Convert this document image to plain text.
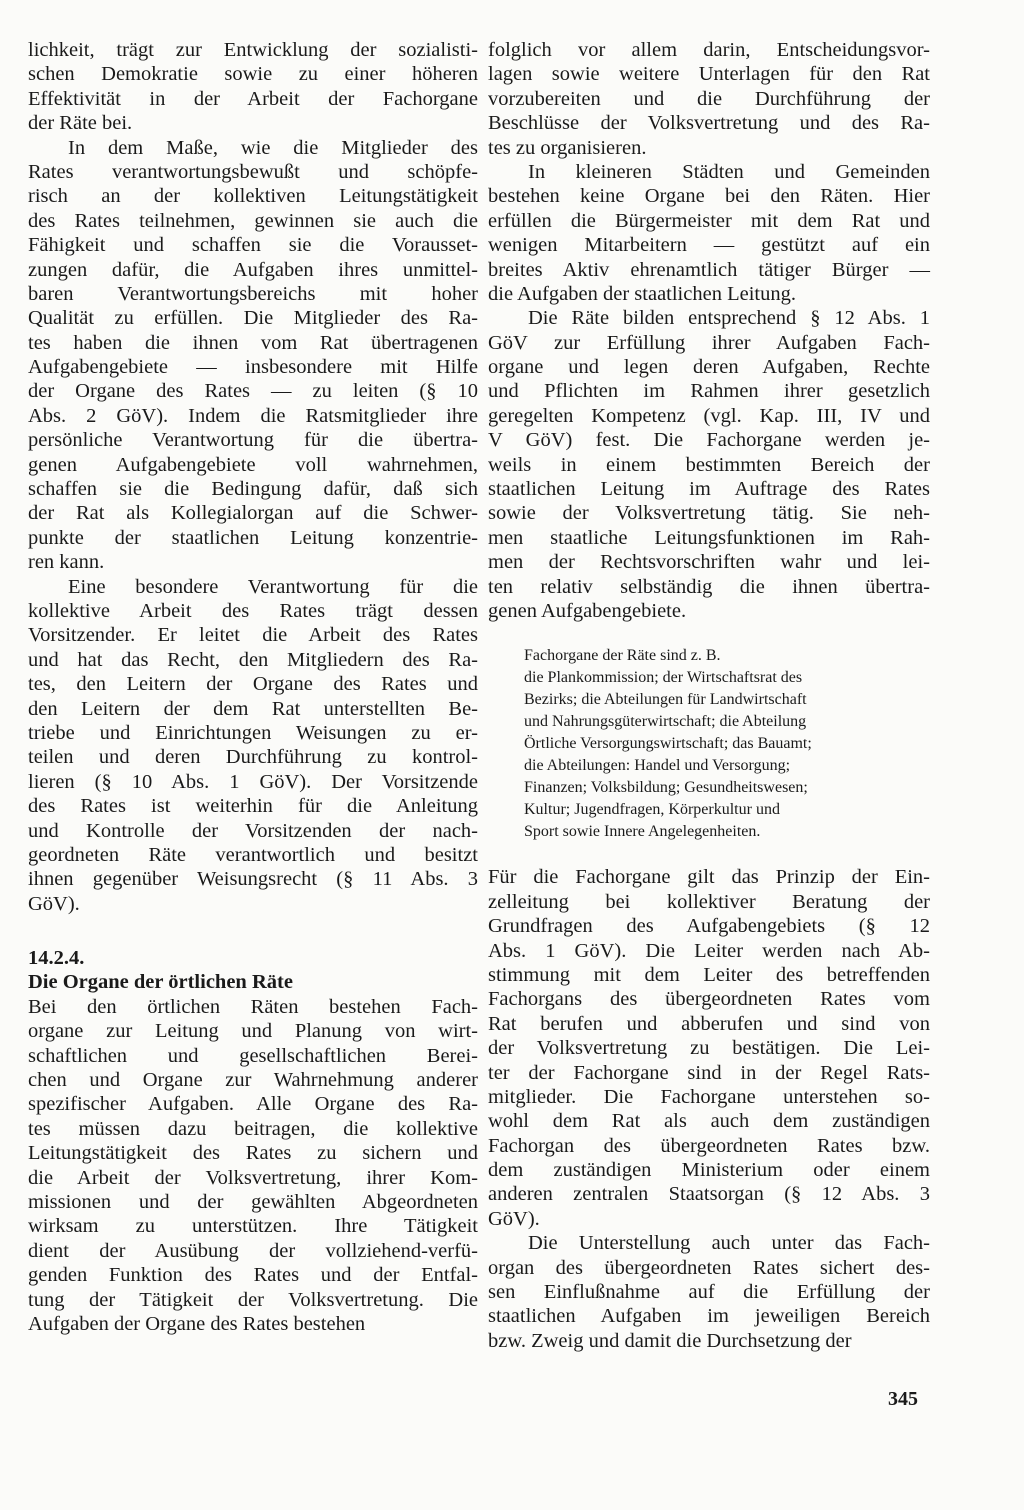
lichkeit, trägt zur Entwicklung der sozialisti-
schen Demokratie sowie zu einer höheren
Effektivität in der Arbeit der Fachorgane
der Räte bei.
In dem Maße, wie die Mitglieder des
Rates verantwortungsbewußt und schöpfe-
risch an der kollektiven Leitungstätigkeit
des Rates teilnehmen, gewinnen sie auch die
Fähigkeit und schaffen sie die Vorausset-
zungen dafür, die Aufgaben ihres unmittel-
baren Verantwortungsbereichs mit hoher
Qualität zu erfüllen. Die Mitglieder des Ra-
tes haben die ihnen vom Rat übertragenen
Aufgabengebiete — insbesondere mit Hilfe
der Organe des Rates — zu leiten (§ 10
Abs. 2 GöV). Indem die Ratsmitglieder ihre
persönliche Verantwortung für die übertra-
genen Aufgabengebiete voll wahrnehmen,
schaffen sie die Bedingung dafür, daß sich
der Rat als Kollegialorgan auf die Schwer-
punkte der staatlichen Leitung konzentrie-
ren kann.
Eine besondere Verantwortung für die
kollektive Arbeit des Rates trägt dessen
Vorsitzender. Er leitet die Arbeit des Rates
und hat das Recht, den Mitgliedern des Ra-
tes, den Leitern der Organe des Rates und
den Leitern der dem Rat unterstellten Be-
triebe und Einrichtungen Weisungen zu er-
teilen und deren Durchführung zu kontrol-
lieren (§ 10 Abs. 1 GöV). Der Vorsitzende
des Rates ist weiterhin für die Anleitung
und Kontrolle der Vorsitzenden der nach-
geordneten Räte verantwortlich und besitzt
ihnen gegenüber Weisungsrecht (§ 11 Abs. 3
GöV).
14.2.4.
Die Organe der örtlichen Räte
Bei den örtlichen Räten bestehen Fach-
organe zur Leitung und Planung von wirt-
schaftlichen und gesellschaftlichen Berei-
chen und Organe zur Wahrnehmung anderer
spezifischer Aufgaben. Alle Organe des Ra-
tes müssen dazu beitragen, die kollektive
Leitungstätigkeit des Rates zu sichern und
die Arbeit der Volksvertretung, ihrer Kom-
missionen und der gewählten Abgeordneten
wirksam zu unterstützen. Ihre Tätigkeit
dient der Ausübung der vollziehend-verfü-
genden Funktion des Rates und der Entfal-
tung der Tätigkeit der Volksvertretung. Die
Aufgaben der Organe des Rates bestehen
folglich vor allem darin, Entscheidungsvor-
lagen sowie weitere Unterlagen für den Rat
vorzubereiten und die Durchführung der
Beschlüsse der Volksvertretung und des Ra-
tes zu organisieren.
In kleineren Städten und Gemeinden
bestehen keine Organe bei den Räten. Hier
erfüllen die Bürgermeister mit dem Rat und
wenigen Mitarbeitern — gestützt auf ein
breites Aktiv ehrenamtlich tätiger Bürger —
die Aufgaben der staatlichen Leitung.
Die Räte bilden entsprechend § 12 Abs. 1
GöV zur Erfüllung ihrer Aufgaben Fach-
organe und legen deren Aufgaben, Rechte
und Pflichten im Rahmen ihrer gesetzlich
geregelten Kompetenz (vgl. Kap. III, IV und
V GöV) fest. Die Fachorgane werden je-
weils in einem bestimmten Bereich der
staatlichen Leitung im Auftrage des Rates
sowie der Volksvertretung tätig. Sie neh-
men staatliche Leitungsfunktionen im Rah-
men der Rechtsvorschriften wahr und lei-
ten relativ selbständig die ihnen übertra-
genen Aufgabengebiete.
Fachorgane der Räte sind z. B.
die Plankommission; der Wirtschaftsrat des
Bezirks; die Abteilungen für Landwirtschaft
und Nahrungsgüterwirtschaft; die Abteilung
Örtliche Versorgungswirtschaft; das Bauamt;
die Abteilungen: Handel und Versorgung;
Finanzen; Volksbildung; Gesundheitswesen;
Kultur; Jugendfragen, Körperkultur und
Sport sowie Innere Angelegenheiten.
Für die Fachorgane gilt das Prinzip der Ein-
zelleitung bei kollektiver Beratung der
Grundfragen des Aufgabengebiets (§ 12
Abs. 1 GöV). Die Leiter werden nach Ab-
stimmung mit dem Leiter des betreffenden
Fachorgans des übergeordneten Rates vom
Rat berufen und abberufen und sind von
der Volksvertretung zu bestätigen. Die Lei-
ter der Fachorgane sind in der Regel Rats-
mitglieder. Die Fachorgane unterstehen so-
wohl dem Rat als auch dem zuständigen
Fachorgan des übergeordneten Rates bzw.
dem zuständigen Ministerium oder einem
anderen zentralen Staatsorgan (§ 12 Abs. 3
GöV).
Die Unterstellung auch unter das Fach-
organ des übergeordneten Rates sichert des-
sen Einflußnahme auf die Erfüllung der
staatlichen Aufgaben im jeweiligen Bereich
bzw. Zweig und damit die Durchsetzung der
345
